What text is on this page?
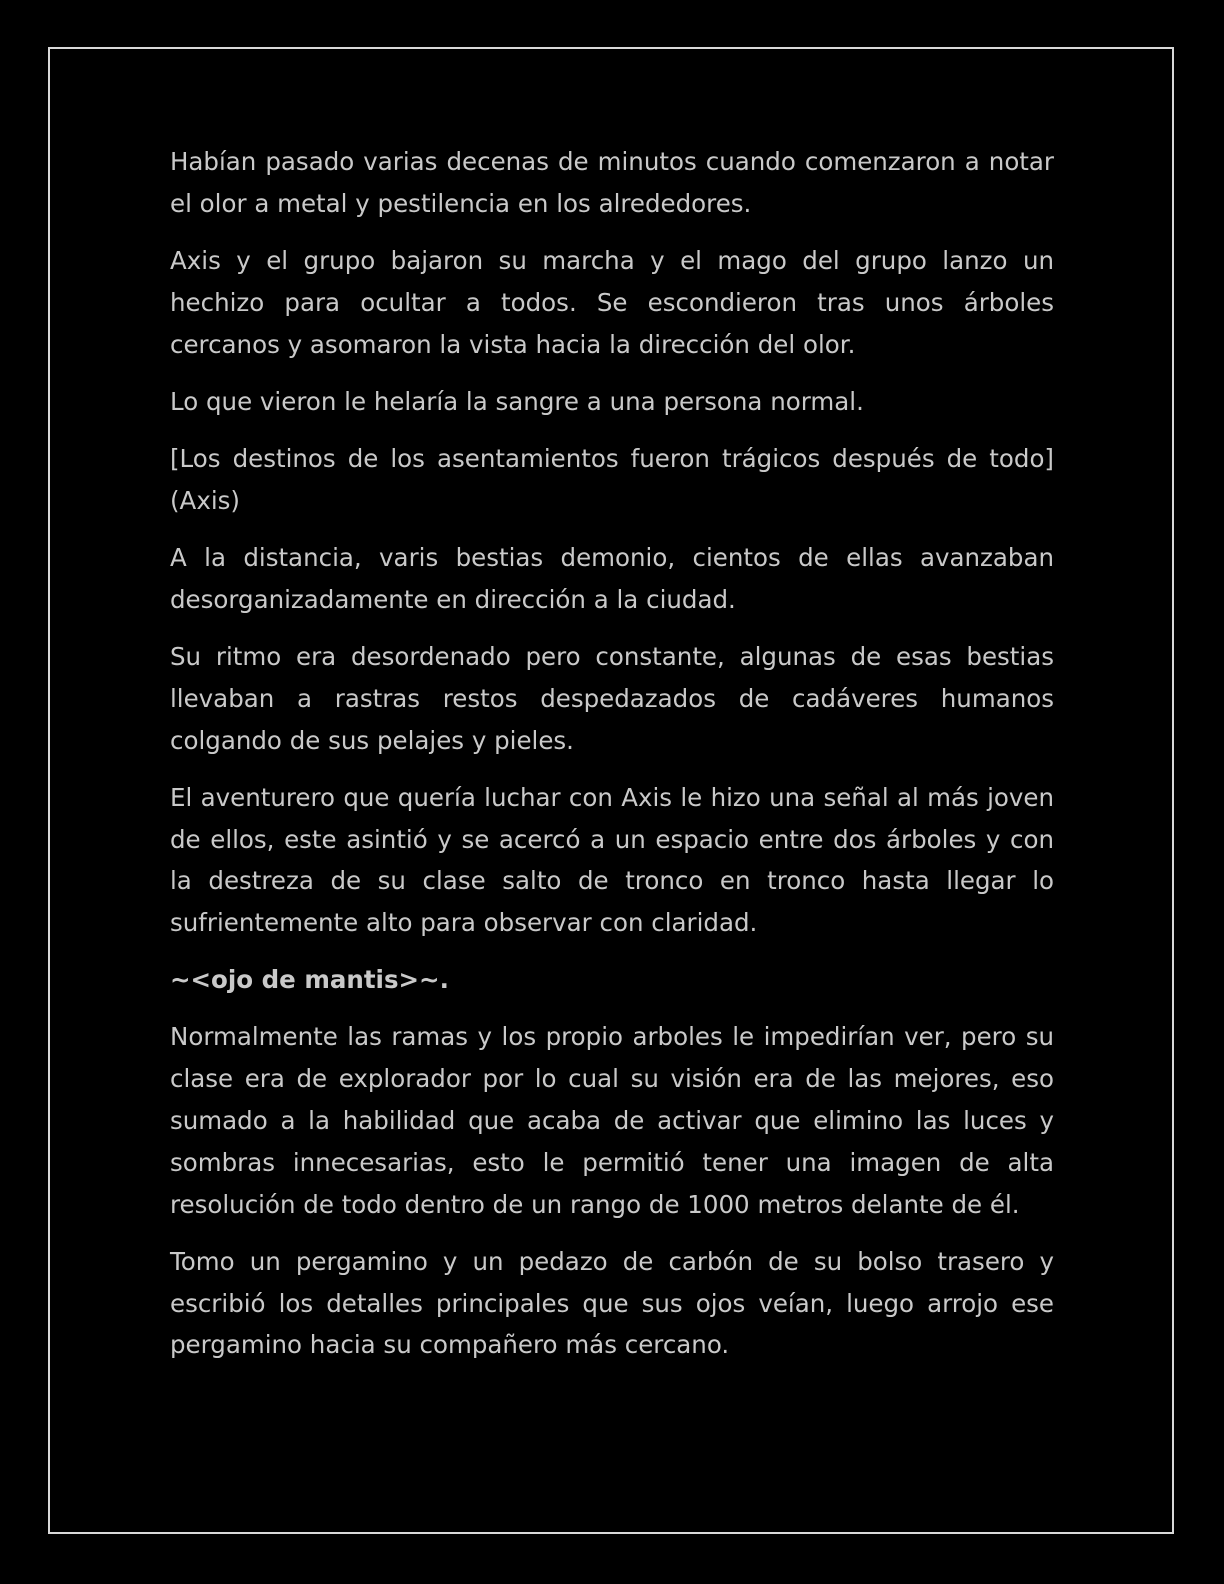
Habían pasado varias decenas de minutos cuando comenzaron a notar el olor a metal y pestilencia en los alrededores.

Axis y el grupo bajaron su marcha y el mago del grupo lanzo un hechizo para ocultar a todos. Se escondieron tras unos árboles cercanos y asomaron la vista hacia la dirección del olor.

Lo que vieron le helaría la sangre a una persona normal.

[Los destinos de los asentamientos fueron trágicos después de todo] (Axis)

A la distancia, varis bestias demonio, cientos de ellas avanzaban desorganizadamente en dirección a la ciudad.

Su ritmo era desordenado pero constante, algunas de esas bestias llevaban a rastras restos despedazados de cadáveres humanos colgando de sus pelajes y pieles.

El aventurero que quería luchar con Axis le hizo una señal al más joven de ellos, este asintió y se acercó a un espacio entre dos árboles y con la destreza de su clase salto de tronco en tronco hasta llegar lo sufrientemente alto para observar con claridad.

~<ojo de mantis>~.

Normalmente las ramas y los propio arboles le impedirían ver, pero su clase era de explorador por lo cual su visión era de las mejores, eso sumado a la habilidad que acaba de activar que elimino las luces y sombras innecesarias, esto le permitió tener una imagen de alta resolución de todo dentro de un rango de 1000 metros delante de él.

Tomo un pergamino y un pedazo de carbón de su bolso trasero y escribió los detalles principales que sus ojos veían, luego arrojo ese pergamino hacia su compañero más cercano.
